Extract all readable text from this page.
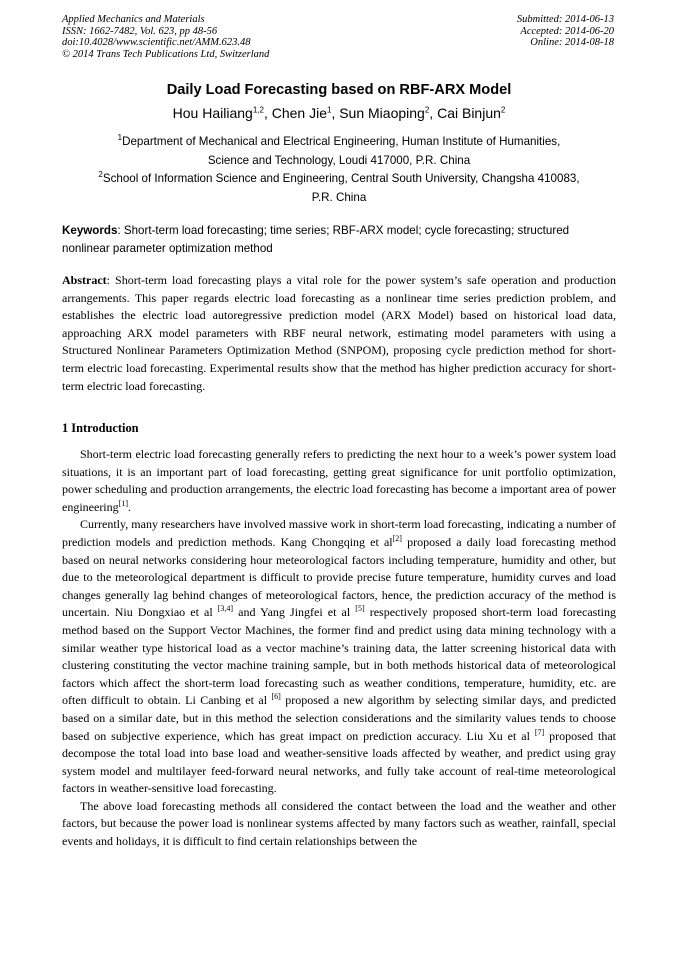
Applied Mechanics and Materials
ISSN: 1662-7482, Vol. 623, pp 48-56
doi:10.4028/www.scientific.net/AMM.623.48
© 2014 Trans Tech Publications Ltd, Switzerland
Submitted: 2014-06-13
Accepted: 2014-06-20
Online: 2014-08-18
Daily Load Forecasting based on RBF-ARX Model
Hou Hailiang$^{1,2}$, Chen Jie$^1$, Sun Miaoping$^2$, Cai Binjun$^2$
$^1$Department of Mechanical and Electrical Engineering, Human Institute of Humanities,
Science and Technology, Loudi 417000, P.R. China
$^2$School of Information Science and Engineering, Central South University, Changsha 410083,
P.R. China
Keywords: Short-term load forecasting; time series; RBF-ARX model; cycle forecasting; structured nonlinear parameter optimization method
Abstract: Short-term load forecasting plays a vital role for the power system’s safe operation and production arrangements. This paper regards electric load forecasting as a nonlinear time series prediction problem, and establishes the electric load autoregressive prediction model (ARX Model) based on historical load data, approaching ARX model parameters with RBF neural network, estimating model parameters with using a Structured Nonlinear Parameters Optimization Method (SNPOM), proposing cycle prediction method for short-term electric load forecasting. Experimental results show that the method has higher prediction accuracy for short-term electric load forecasting.
1 Introduction

Short-term electric load forecasting generally refers to predicting the next hour to a week’s power system load situations, it is an important part of load forecasting, getting great significance for unit portfolio optimization, power scheduling and production arrangements, the electric load forecasting has become a important area of power engineering[1].

Currently, many researchers have involved massive work in short-term load forecasting, indicating a number of prediction models and prediction methods. Kang Chongqing et al[2] proposed a daily load forecasting method based on neural networks considering hour meteorological factors including temperature, humidity and other, but due to the meteorological department is difficult to provide precise future temperature, humidity curves and load changes generally lag behind changes of meteorological factors, hence, the prediction accuracy of the method is uncertain. Niu Dongxiao et al [3,4] and Yang Jingfei et al [5] respectively proposed short-term load forecasting method based on the Support Vector Machines, the former find and predict using data mining technology with a similar weather type historical load as a vector machine’s training data, the latter screening historical data with clustering constituting the vector machine training sample, but in both methods historical data of meteorological factors which affect the short-term load forecasting such as weather conditions, temperature, humidity, etc. are often difficult to obtain. Li Canbing et al [6] proposed a new algorithm by selecting similar days, and predicted based on a similar date, but in this method the selection considerations and the similarity values tends to choose based on subjective experience, which has great impact on prediction accuracy. Liu Xu et al [7] proposed that decompose the total load into base load and weather-sensitive loads affected by weather, and predict using gray system model and multilayer feed-forward neural networks, and fully take account of real-time meteorological factors in weather-sensitive load forecasting.

The above load forecasting methods all considered the contact between the load and the weather and other factors, but because the power load is nonlinear systems affected by many factors such as weather, rainfall, special events and holidays, it is difficult to find certain relationships between the
